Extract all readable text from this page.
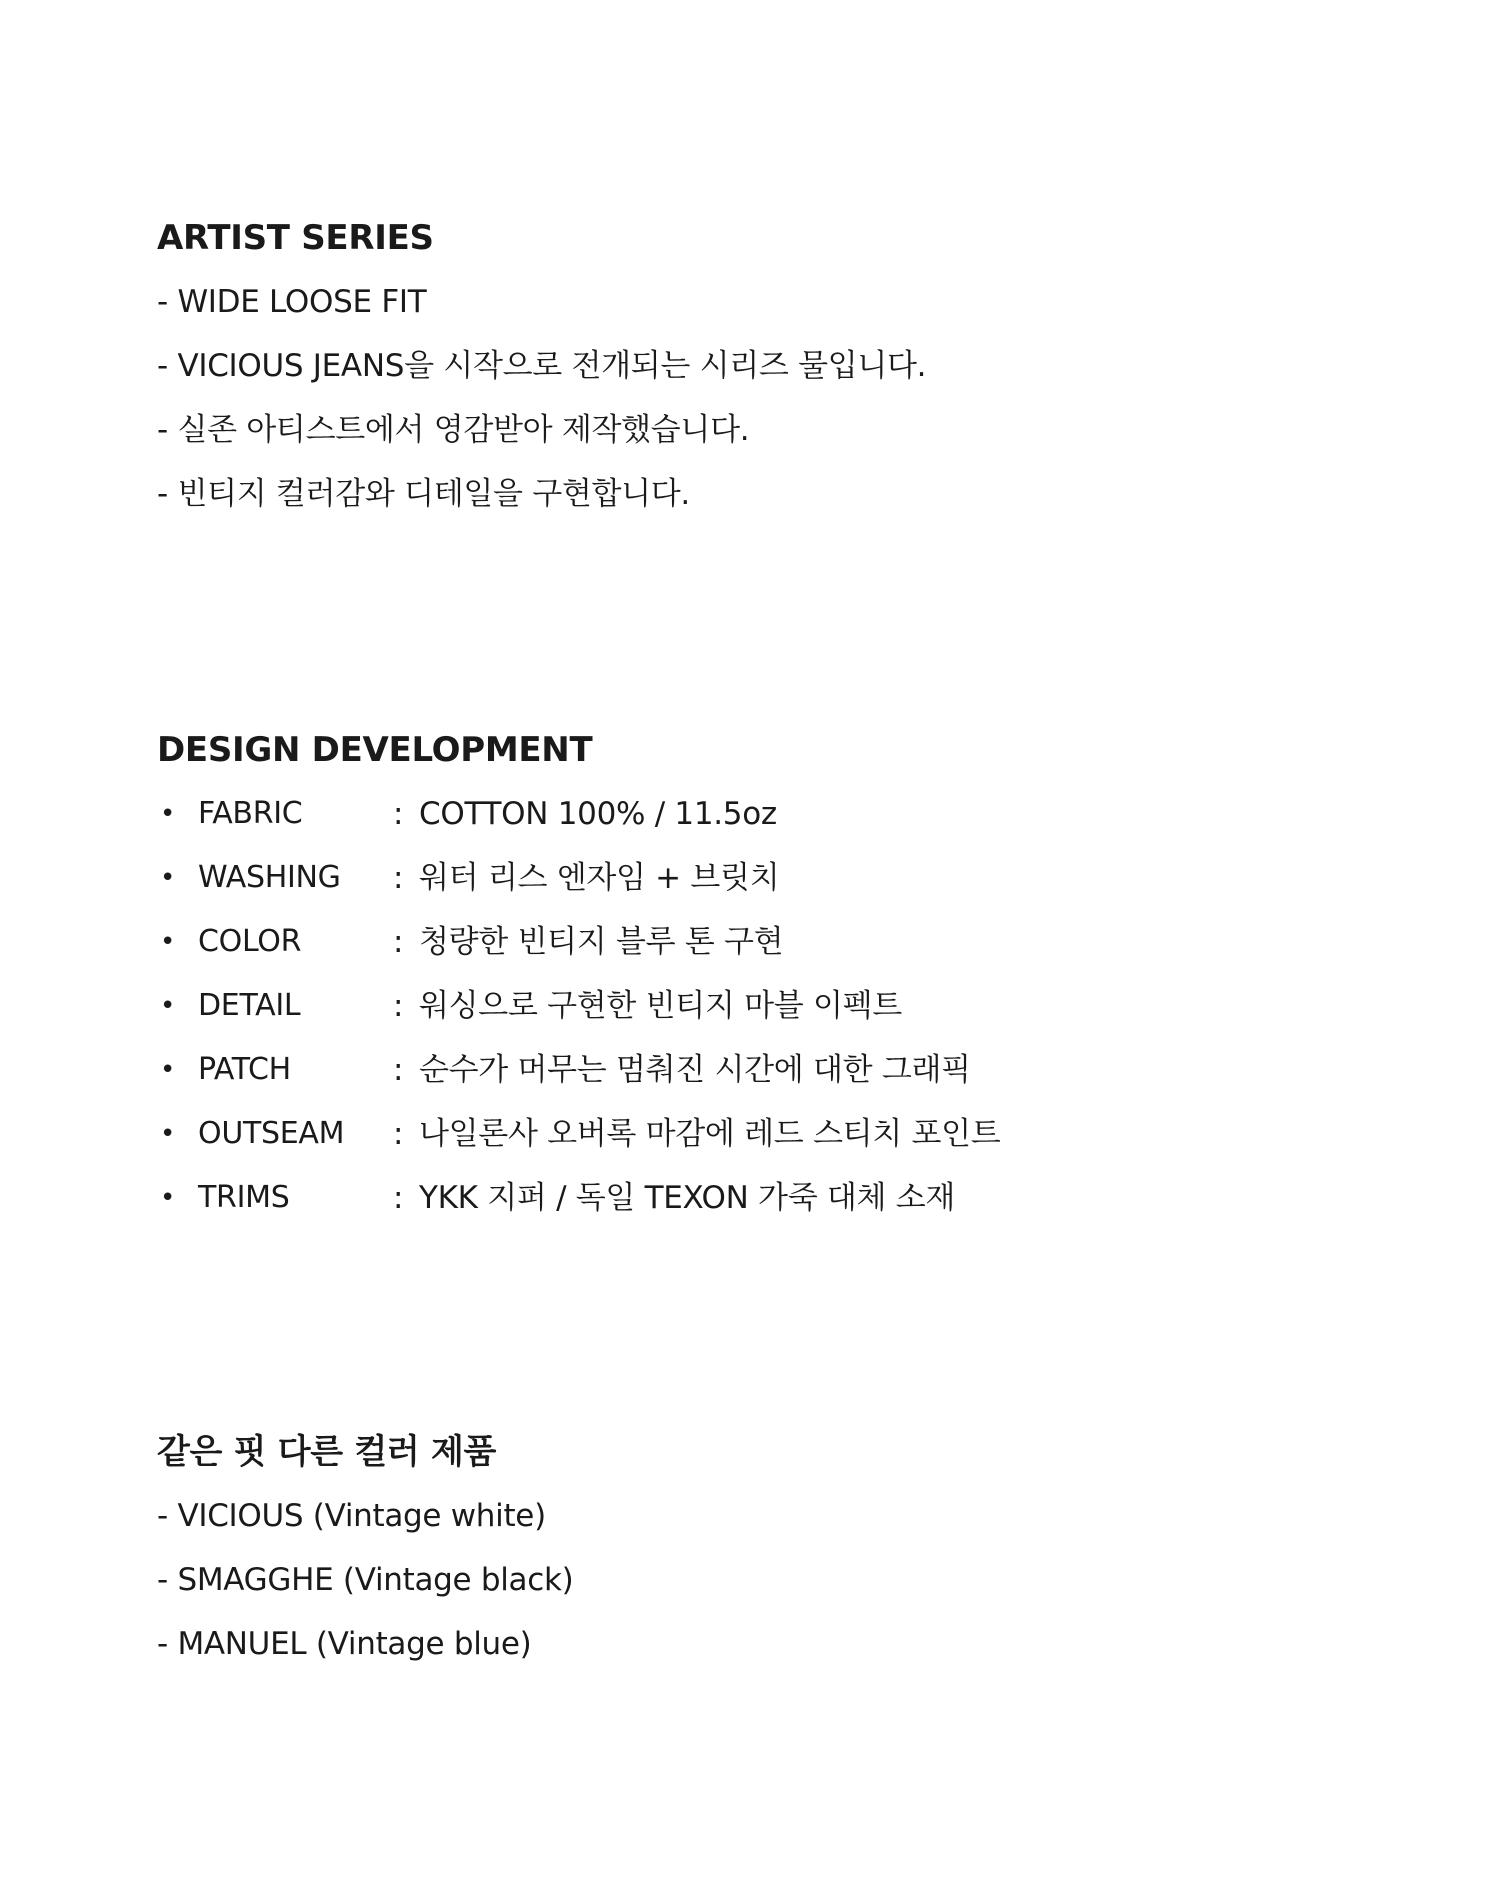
ARTIST SERIES
- WIDE LOOSE FIT
- VICIOUS JEANS을 시작으로 전개되는 시리즈 물입니다.
- 실존 아티스트에서 영감받아 제작했습니다.
- 빈티지 컬러감와 디테일을 구현합니다.
DESIGN DEVELOPMENT
• FABRIC	: COTTON 100% / 11.5oz
• WASHING	: 워터 리스 엔자임 + 브릿치
• COLOR	: 청량한 빈티지 블루 톤 구현
• DETAIL	: 워싱으로 구현한 빈티지 마블 이펙트
• PATCH	: 순수가 머무는 멈춰진 시간에 대한 그래픽
• OUTSEAM	: 나일론사 오버록 마감에 레드 스티치 포인트
• TRIMS	: YKK 지퍼 / 독일 TEXON 가죽 대체 소재
같은 핏 다른 컬러 제품
- VICIOUS (Vintage white)
- SMAGGHE (Vintage black)
- MANUEL (Vintage blue)
